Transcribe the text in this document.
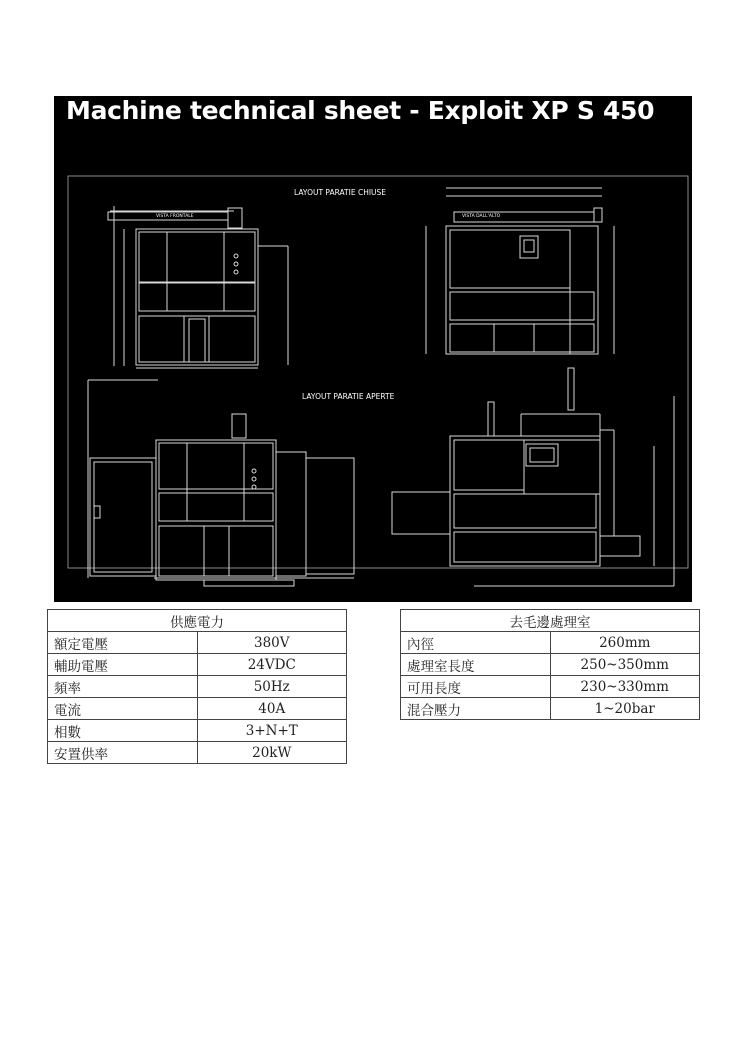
Machine technical sheet - Exploit XP S 450
LAYOUT PARATIE CHIUSE
LAYOUT PARATIE APERTE
VISTA FRONTALE	VISTA DALL'ALTO
供應電力	
額定電壓	380V
輔助電壓	24VDC
頻率	50Hz
電流	40A
相數	3+N+T
安置供率	20kW
去毛邊處理室	
內徑	260mm
處理室長度	250~350mm
可用長度	230~330mm
混合壓力	1~20bar
